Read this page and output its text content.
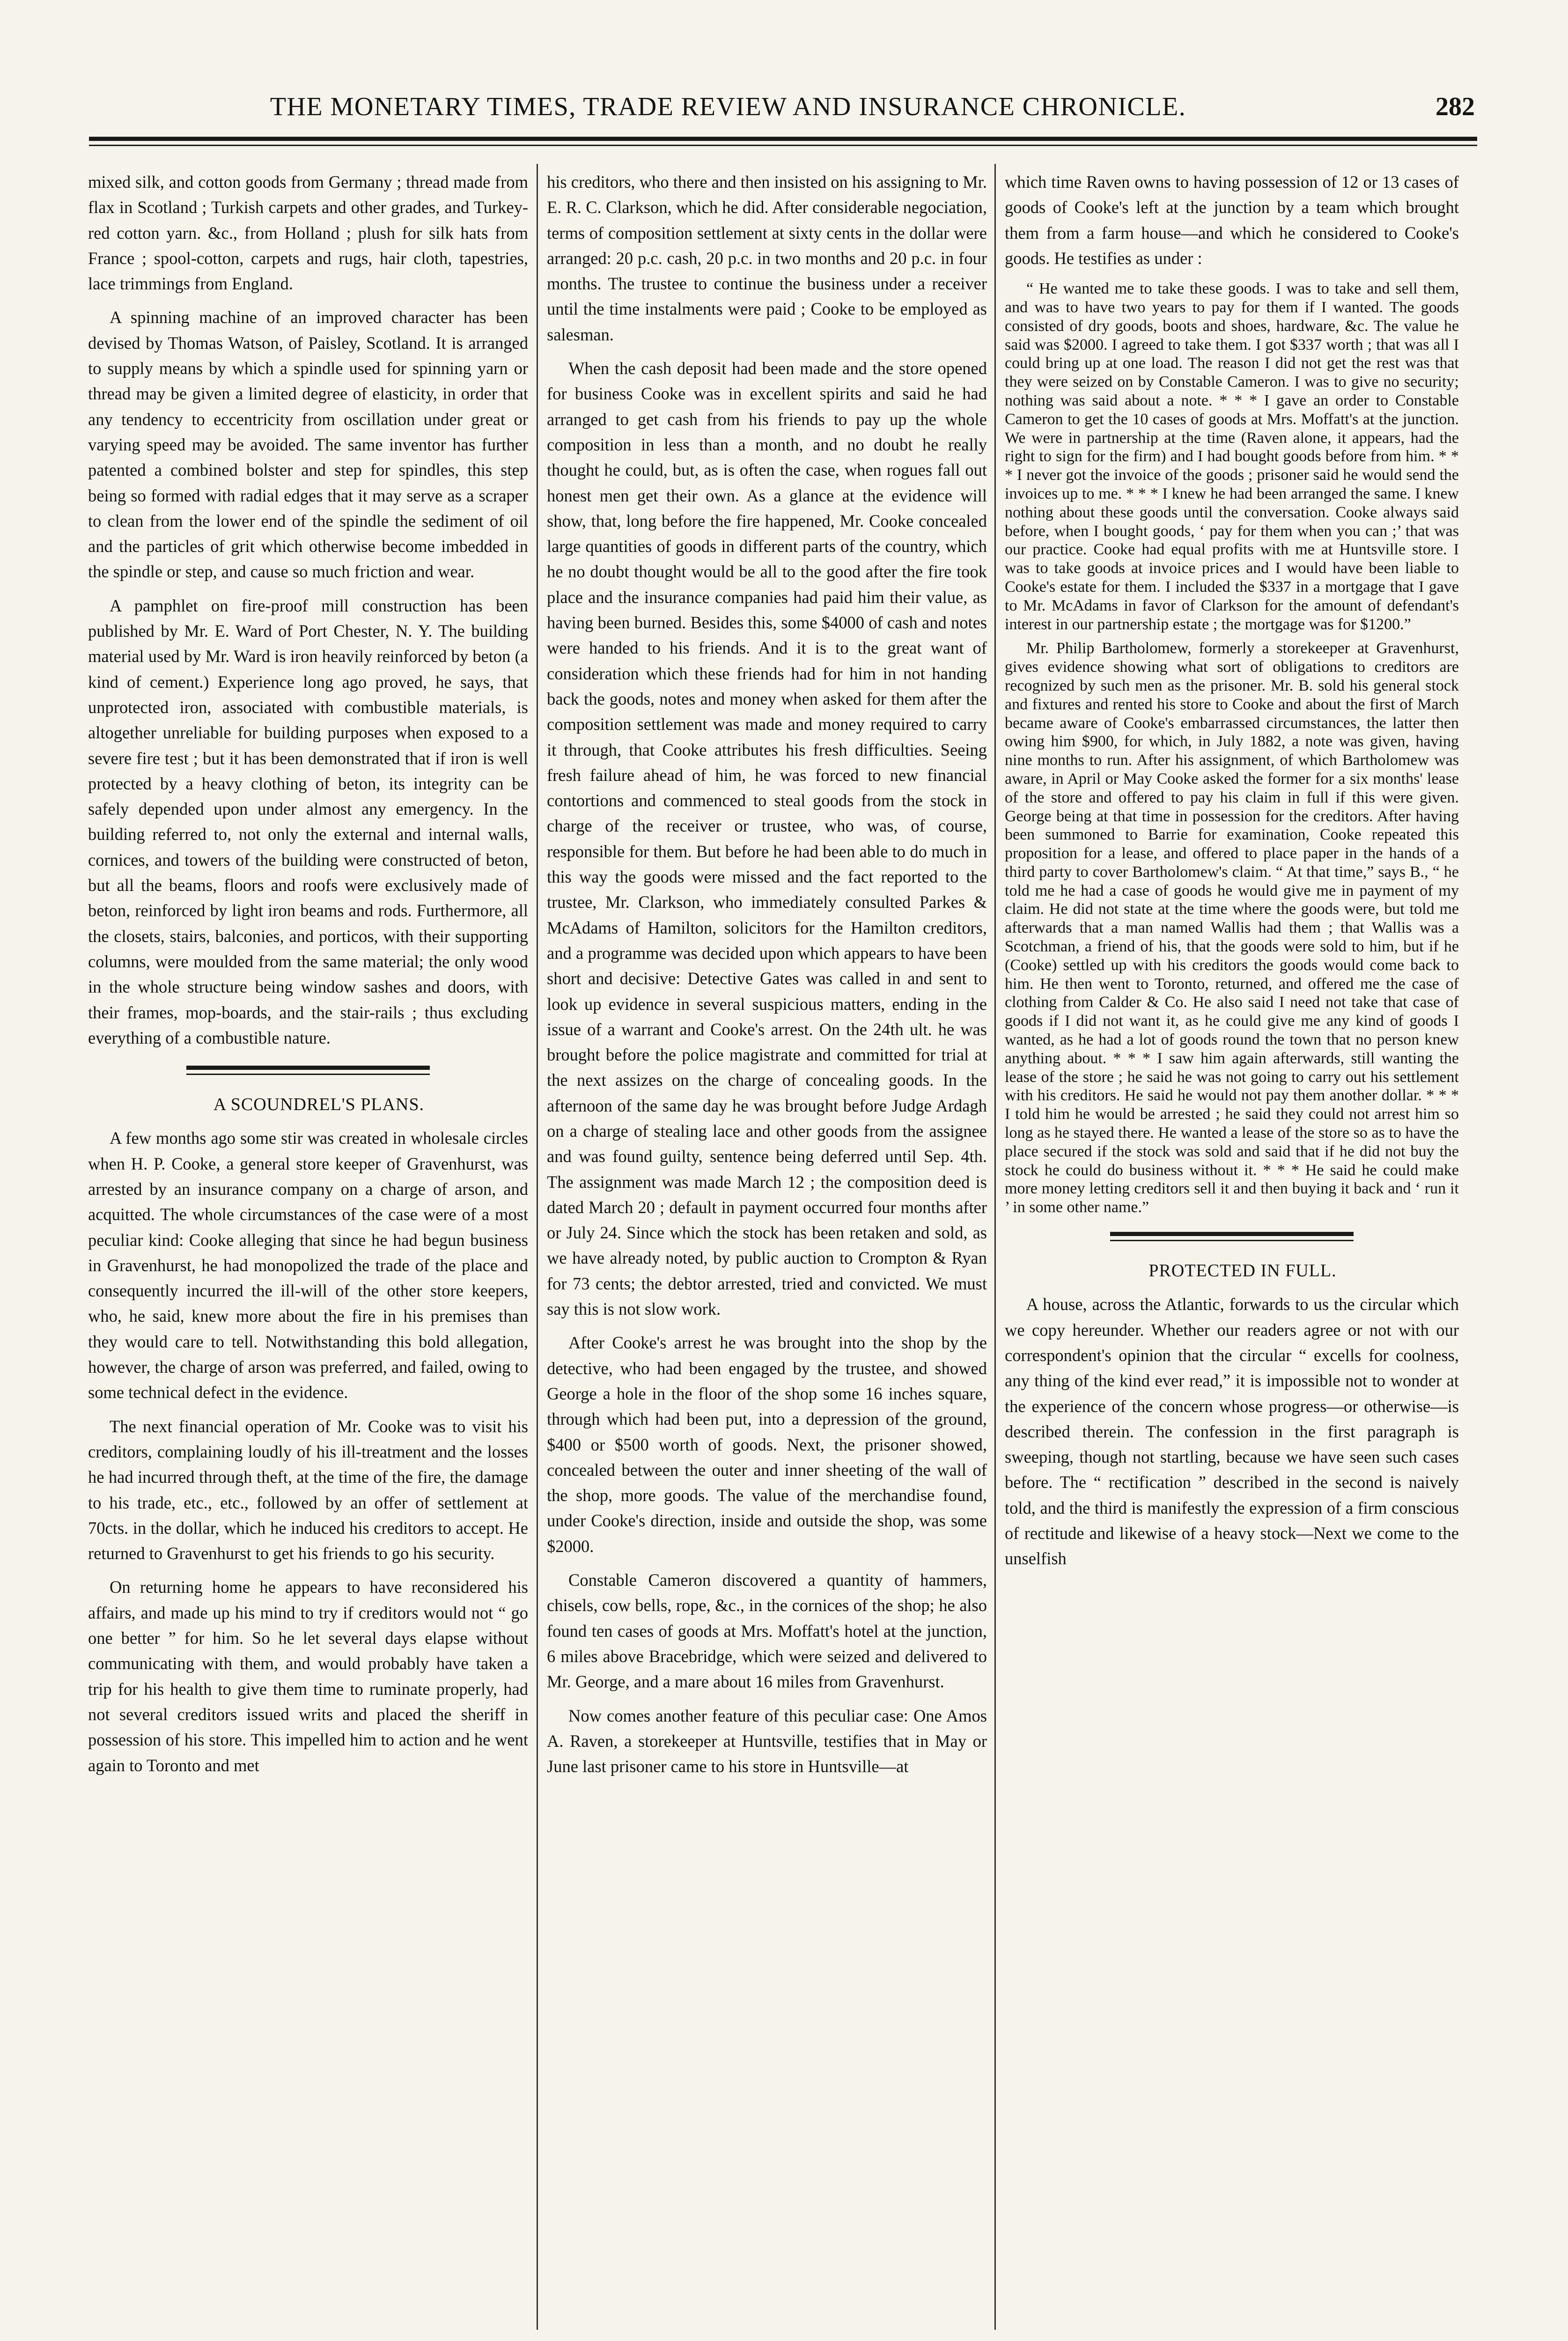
THE MONETARY TIMES, TRADE REVIEW AND INSURANCE CHRONICLE.	282

mixed silk, and cotton goods from Germany ; thread made from flax in Scotland ; Turkish carpets and other grades, and Turkey-red cotton yarn. &c., from Holland ; plush for silk hats from France ; spool-cotton, carpets and rugs, hair cloth, tapestries, lace trimmings from England.

A spinning machine of an improved character has been devised by Thomas Watson, of Paisley, Scotland. It is arranged to supply means by which a spindle used for spinning yarn or thread may be given a limited degree of elasticity, in order that any tendency to eccentricity from oscillation under great or varying speed may be avoided. The same inventor has further patented a combined bolster and step for spindles, this step being so formed with radial edges that it may serve as a scraper to clean from the lower end of the spindle the sediment of oil and the particles of grit which otherwise become imbedded in the spindle or step, and cause so much friction and wear.

A pamphlet on fire-proof mill construction has been published by Mr. E. Ward of Port Chester, N. Y. The building material used by Mr. Ward is iron heavily reinforced by beton (a kind of cement.) Experience long ago proved, he says, that unprotected iron, associated with combustible materials, is altogether unreliable for building purposes when exposed to a severe fire test ; but it has been demonstrated that if iron is well protected by a heavy clothing of beton, its integrity can be safely depended upon under almost any emergency. In the building referred to, not only the external and internal walls, cornices, and towers of the building were constructed of beton, but all the beams, floors and roofs were exclusively made of beton, reinforced by light iron beams and rods. Furthermore, all the closets, stairs, balconies, and porticos, with their supporting columns, were moulded from the same material; the only wood in the whole structure being window sashes and doors, with their frames, mop-boards, and the stair-rails ; thus excluding everything of a combustible nature.

A SCOUNDREL'S PLANS.

A few months ago some stir was created in wholesale circles when H. P. Cooke, a general store keeper of Gravenhurst, was arrested by an insurance company on a charge of arson, and acquitted. The whole circumstances of the case were of a most peculiar kind: Cooke alleging that since he had begun business in Gravenhurst, he had monopolized the trade of the place and consequently incurred the ill-will of the other store keepers, who, he said, knew more about the fire in his premises than they would care to tell. Notwithstanding this bold allegation, however, the charge of arson was preferred, and failed, owing to some technical defect in the evidence.

The next financial operation of Mr. Cooke was to visit his creditors, complaining loudly of his ill-treatment and the losses he had incurred through theft, at the time of the fire, the damage to his trade, etc., etc., followed by an offer of settlement at 70cts. in the dollar, which he induced his creditors to accept. He returned to Gravenhurst to get his friends to go his security.

On returning home he appears to have reconsidered his affairs, and made up his mind to try if creditors would not “ go one better ” for him. So he let several days elapse without communicating with them, and would probably have taken a trip for his health to give them time to ruminate properly, had not several creditors issued writs and placed the sheriff in possession of his store. This impelled him to action and he went again to Toronto and met

his creditors, who there and then insisted on his assigning to Mr. E. R. C. Clarkson, which he did. After considerable negociation, terms of composition settlement at sixty cents in the dollar were arranged: 20 p.c. cash, 20 p.c. in two months and 20 p.c. in four months. The trustee to continue the business under a receiver until the time instalments were paid ; Cooke to be employed as salesman.

When the cash deposit had been made and the store opened for business Cooke was in excellent spirits and said he had arranged to get cash from his friends to pay up the whole composition in less than a month, and no doubt he really thought he could, but, as is often the case, when rogues fall out honest men get their own. As a glance at the evidence will show, that, long before the fire happened, Mr. Cooke concealed large quantities of goods in different parts of the country, which he no doubt thought would be all to the good after the fire took place and the insurance companies had paid him their value, as having been burned. Besides this, some $4000 of cash and notes were handed to his friends. And it is to the great want of consideration which these friends had for him in not handing back the goods, notes and money when asked for them after the composition settlement was made and money required to carry it through, that Cooke attributes his fresh difficulties. Seeing fresh failure ahead of him, he was forced to new financial contortions and commenced to steal goods from the stock in charge of the receiver or trustee, who was, of course, responsible for them. But before he had been able to do much in this way the goods were missed and the fact reported to the trustee, Mr. Clarkson, who immediately consulted Parkes & McAdams of Hamilton, solicitors for the Hamilton creditors, and a programme was decided upon which appears to have been short and decisive: Detective Gates was called in and sent to look up evidence in several suspicious matters, ending in the issue of a warrant and Cooke's arrest. On the 24th ult. he was brought before the police magistrate and committed for trial at the next assizes on the charge of concealing goods. In the afternoon of the same day he was brought before Judge Ardagh on a charge of stealing lace and other goods from the assignee and was found guilty, sentence being deferred until Sep. 4th. The assignment was made March 12 ; the composition deed is dated March 20 ; default in payment occurred four months after or July 24. Since which the stock has been retaken and sold, as we have already noted, by public auction to Crompton & Ryan for 73 cents; the debtor arrested, tried and convicted. We must say this is not slow work.

After Cooke's arrest he was brought into the shop by the detective, who had been engaged by the trustee, and showed George a hole in the floor of the shop some 16 inches square, through which had been put, into a depression of the ground, $400 or $500 worth of goods. Next, the prisoner showed, concealed between the outer and inner sheeting of the wall of the shop, more goods. The value of the merchandise found, under Cooke's direction, inside and outside the shop, was some $2000.

Constable Cameron discovered a quantity of hammers, chisels, cow bells, rope, &c., in the cornices of the shop; he also found ten cases of goods at Mrs. Moffatt's hotel at the junction, 6 miles above Bracebridge, which were seized and delivered to Mr. George, and a mare about 16 miles from Gravenhurst.

Now comes another feature of this peculiar case: One Amos A. Raven, a storekeeper at Huntsville, testifies that in May or June last prisoner came to his store in Huntsville—at

which time Raven owns to having possession of 12 or 13 cases of goods of Cooke's left at the junction by a team which brought them from a farm house—and which he considered to Cooke's goods. He testifies as under :

“ He wanted me to take these goods. I was to take and sell them, and was to have two years to pay for them if I wanted. The goods consisted of dry goods, boots and shoes, hardware, &c. The value he said was $2000. I agreed to take them. I got $337 worth ; that was all I could bring up at one load. The reason I did not get the rest was that they were seized on by Constable Cameron. I was to give no security; nothing was said about a note. * * * I gave an order to Constable Cameron to get the 10 cases of goods at Mrs. Moffatt's at the junction. We were in partnership at the time (Raven alone, it appears, had the right to sign for the firm) and I had bought goods before from him. * * * I never got the invoice of the goods ; prisoner said he would send the invoices up to me. * * * I knew he had been arranged the same. I knew nothing about these goods until the conversation. Cooke always said before, when I bought goods, ‘ pay for them when you can ;’ that was our practice. Cooke had equal profits with me at Huntsville store. I was to take goods at invoice prices and I would have been liable to Cooke's estate for them. I included the $337 in a mortgage that I gave to Mr. McAdams in favor of Clarkson for the amount of defendant's interest in our partnership estate ; the mortgage was for $1200.”

Mr. Philip Bartholomew, formerly a storekeeper at Gravenhurst, gives evidence showing what sort of obligations to creditors are recognized by such men as the prisoner. Mr. B. sold his general stock and fixtures and rented his store to Cooke and about the first of March became aware of Cooke's embarrassed circumstances, the latter then owing him $900, for which, in July 1882, a note was given, having nine months to run. After his assignment, of which Bartholomew was aware, in April or May Cooke asked the former for a six months' lease of the store and offered to pay his claim in full if this were given. George being at that time in possession for the creditors. After having been summoned to Barrie for examination, Cooke repeated this proposition for a lease, and offered to place paper in the hands of a third party to cover Bartholomew's claim. “ At that time,” says B., “ he told me he had a case of goods he would give me in payment of my claim. He did not state at the time where the goods were, but told me afterwards that a man named Wallis had them ; that Wallis was a Scotchman, a friend of his, that the goods were sold to him, but if he (Cooke) settled up with his creditors the goods would come back to him. He then went to Toronto, returned, and offered me the case of clothing from Calder & Co. He also said I need not take that case of goods if I did not want it, as he could give me any kind of goods I wanted, as he had a lot of goods round the town that no person knew anything about. * * * I saw him again afterwards, still wanting the lease of the store ; he said he was not going to carry out his settlement with his creditors. He said he would not pay them another dollar. * * * I told him he would be arrested ; he said they could not arrest him so long as he stayed there. He wanted a lease of the store so as to have the place secured if the stock was sold and said that if he did not buy the stock he could do business without it. * * * He said he could make more money letting creditors sell it and then buying it back and ‘ run it ’ in some other name.”

PROTECTED IN FULL.

A house, across the Atlantic, forwards to us the circular which we copy hereunder. Whether our readers agree or not with our correspondent's opinion that the circular “ excells for coolness, any thing of the kind ever read,” it is impossible not to wonder at the experience of the concern whose progress—or otherwise—is described therein. The confession in the first paragraph is sweeping, though not startling, because we have seen such cases before. The “ rectification ” described in the second is naively told, and the third is manifestly the expression of a firm conscious of rectitude and likewise of a heavy stock—Next we come to the unselfish
